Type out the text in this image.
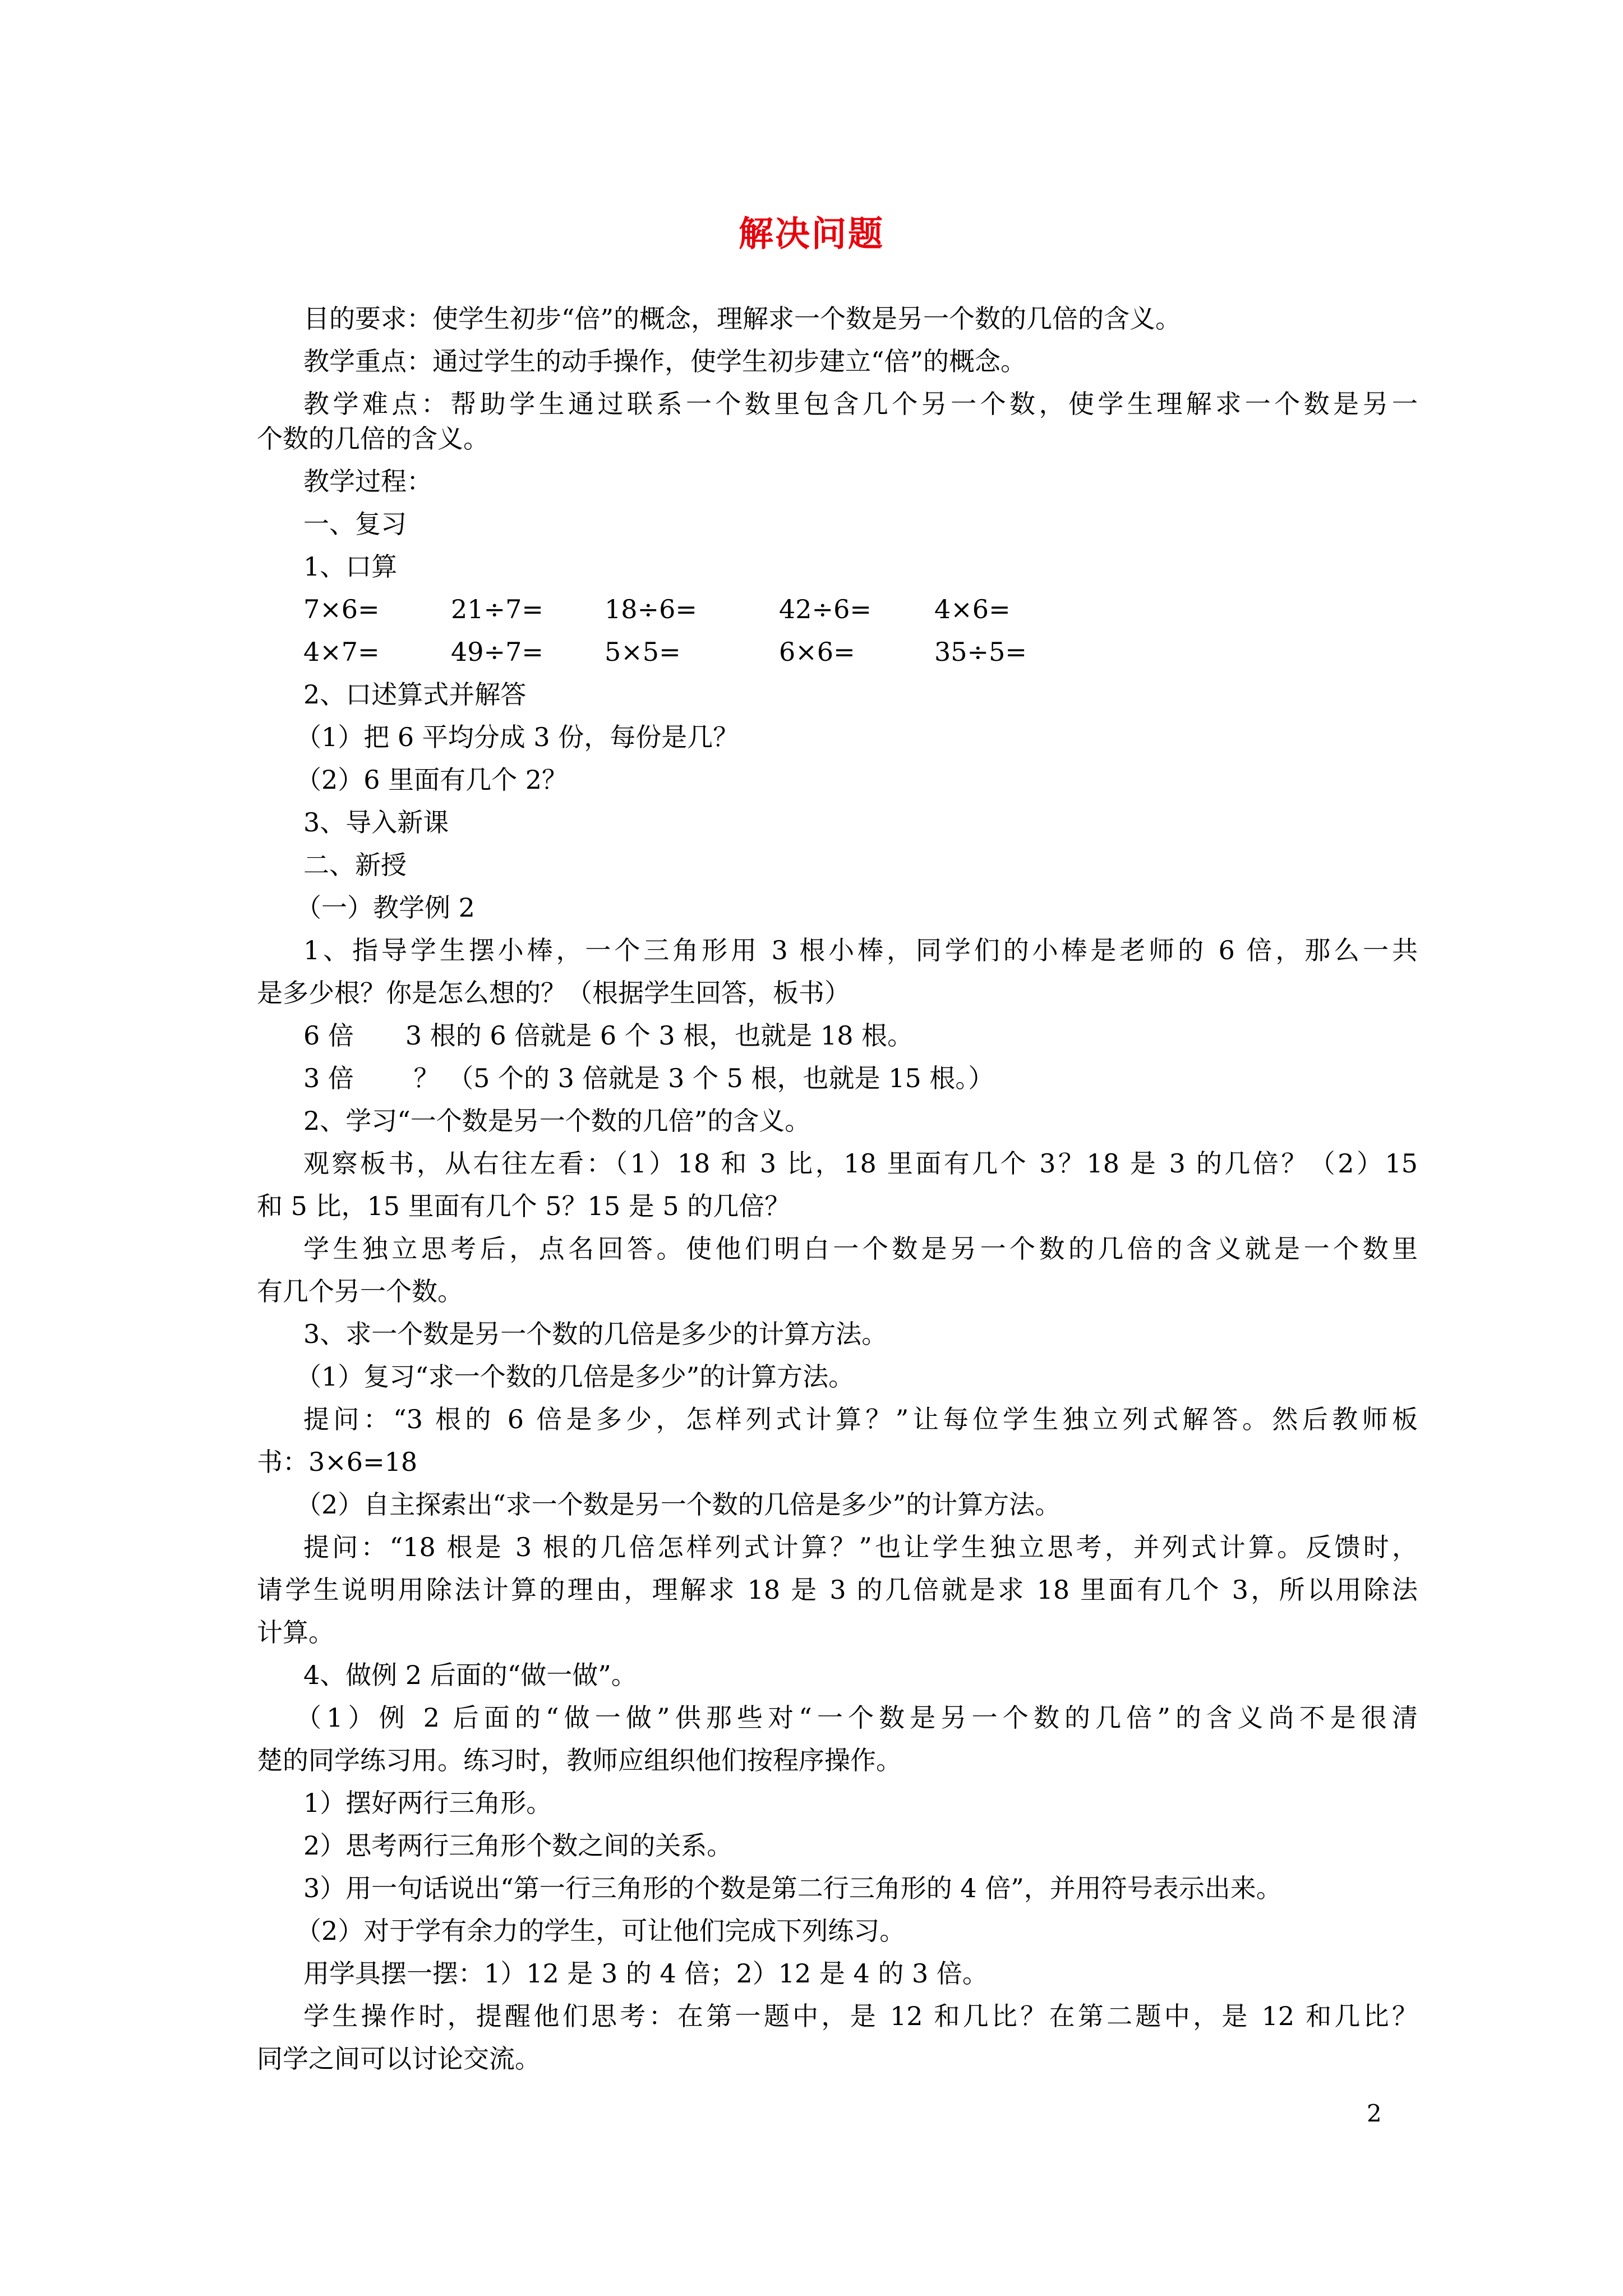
解决问题
目的要求：使学生初步“倍”的概念，理解求一个数是另一个数的几倍的含义。
教学重点：通过学生的动手操作，使学生初步建立“倍”的概念。
教学难点：帮助学生通过联系一个数里包含几个另一个数，使学生理解求一个数是另一
个数的几倍的含义。
教学过程：
一、复习
1、口算
7×6=	21÷7= 18÷6=	42÷6= 4×6=
4×7=	49÷7= 5×5=	6×6=	35÷5=
2、口述算式并解答
（1）把 6 平均分成 3 份，每份是几？
（2）6 里面有几个 2？
3、导入新课
二、新授
（一）教学例 2
1、指导学生摆小棒，一个三角形用 3 根小棒，同学们的小棒是老师的 6 倍，那么一共
是多少根？你是怎么想的？（根据学生回答，板书）
6 倍　　3 根的 6 倍就是 6 个 3 根，也就是 18 根。
3 倍　　 ？ （5 个的 3 倍就是 3 个 5 根，也就是 15 根。）
2、学习“一个数是另一个数的几倍”的含义。
观察板书，从右往左看：（1）18 和 3 比，18 里面有几个 3？18 是 3 的几倍？（2）15
和 5 比，15 里面有几个 5？15 是 5 的几倍？
学生独立思考后，点名回答。使他们明白一个数是另一个数的几倍的含义就是一个数里
有几个另一个数。
3、求一个数是另一个数的几倍是多少的计算方法。
（1）复习“求一个数的几倍是多少”的计算方法。
提问：“3 根的 6 倍是多少，怎样列式计算？”让每位学生独立列式解答。然后教师板
书：3×6=18
（2）自主探索出“求一个数是另一个数的几倍是多少”的计算方法。
提问：“18 根是 3 根的几倍怎样列式计算？”也让学生独立思考，并列式计算。反馈时，
请学生说明用除法计算的理由，理解求 18 是 3 的几倍就是求 18 里面有几个 3，所以用除法
计算。
4、做例 2 后面的“做一做”。
（1）例 2 后面的“做一做”供那些对“一个数是另一个数的几倍”的含义尚不是很清
楚的同学练习用。练习时，教师应组织他们按程序操作。
1）摆好两行三角形。
2）思考两行三角形个数之间的关系。
3）用一句话说出“第一行三角形的个数是第二行三角形的 4 倍”，并用符号表示出来。
（2）对于学有余力的学生，可让他们完成下列练习。
用学具摆一摆：1）12 是 3 的 4 倍；2）12 是 4 的 3 倍。
学生操作时，提醒他们思考：在第一题中，是 12 和几比？在第二题中，是 12 和几比？
同学之间可以讨论交流。
2
